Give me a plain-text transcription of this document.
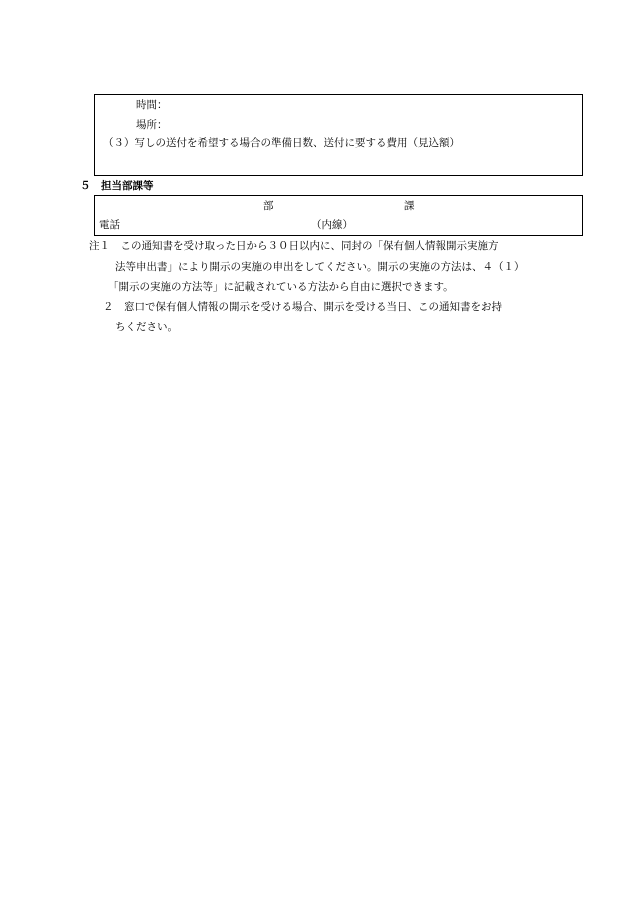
時間：
場所：
（３）写しの送付を希望する場合の準備日数、送付に要する費用（見込額）
５　担当部課等
部	課
電話	（内線）
注１　この通知書を受け取った日から３０日以内に、同封の「保有個人情報開示実施方
法等申出書」により開示の実施の申出をしてください。開示の実施の方法は、４（１）
「開示の実施の方法等」に記載されている方法から自由に選択できます。
２　窓口で保有個人情報の開示を受ける場合、開示を受ける当日、この通知書をお持
ちください。
